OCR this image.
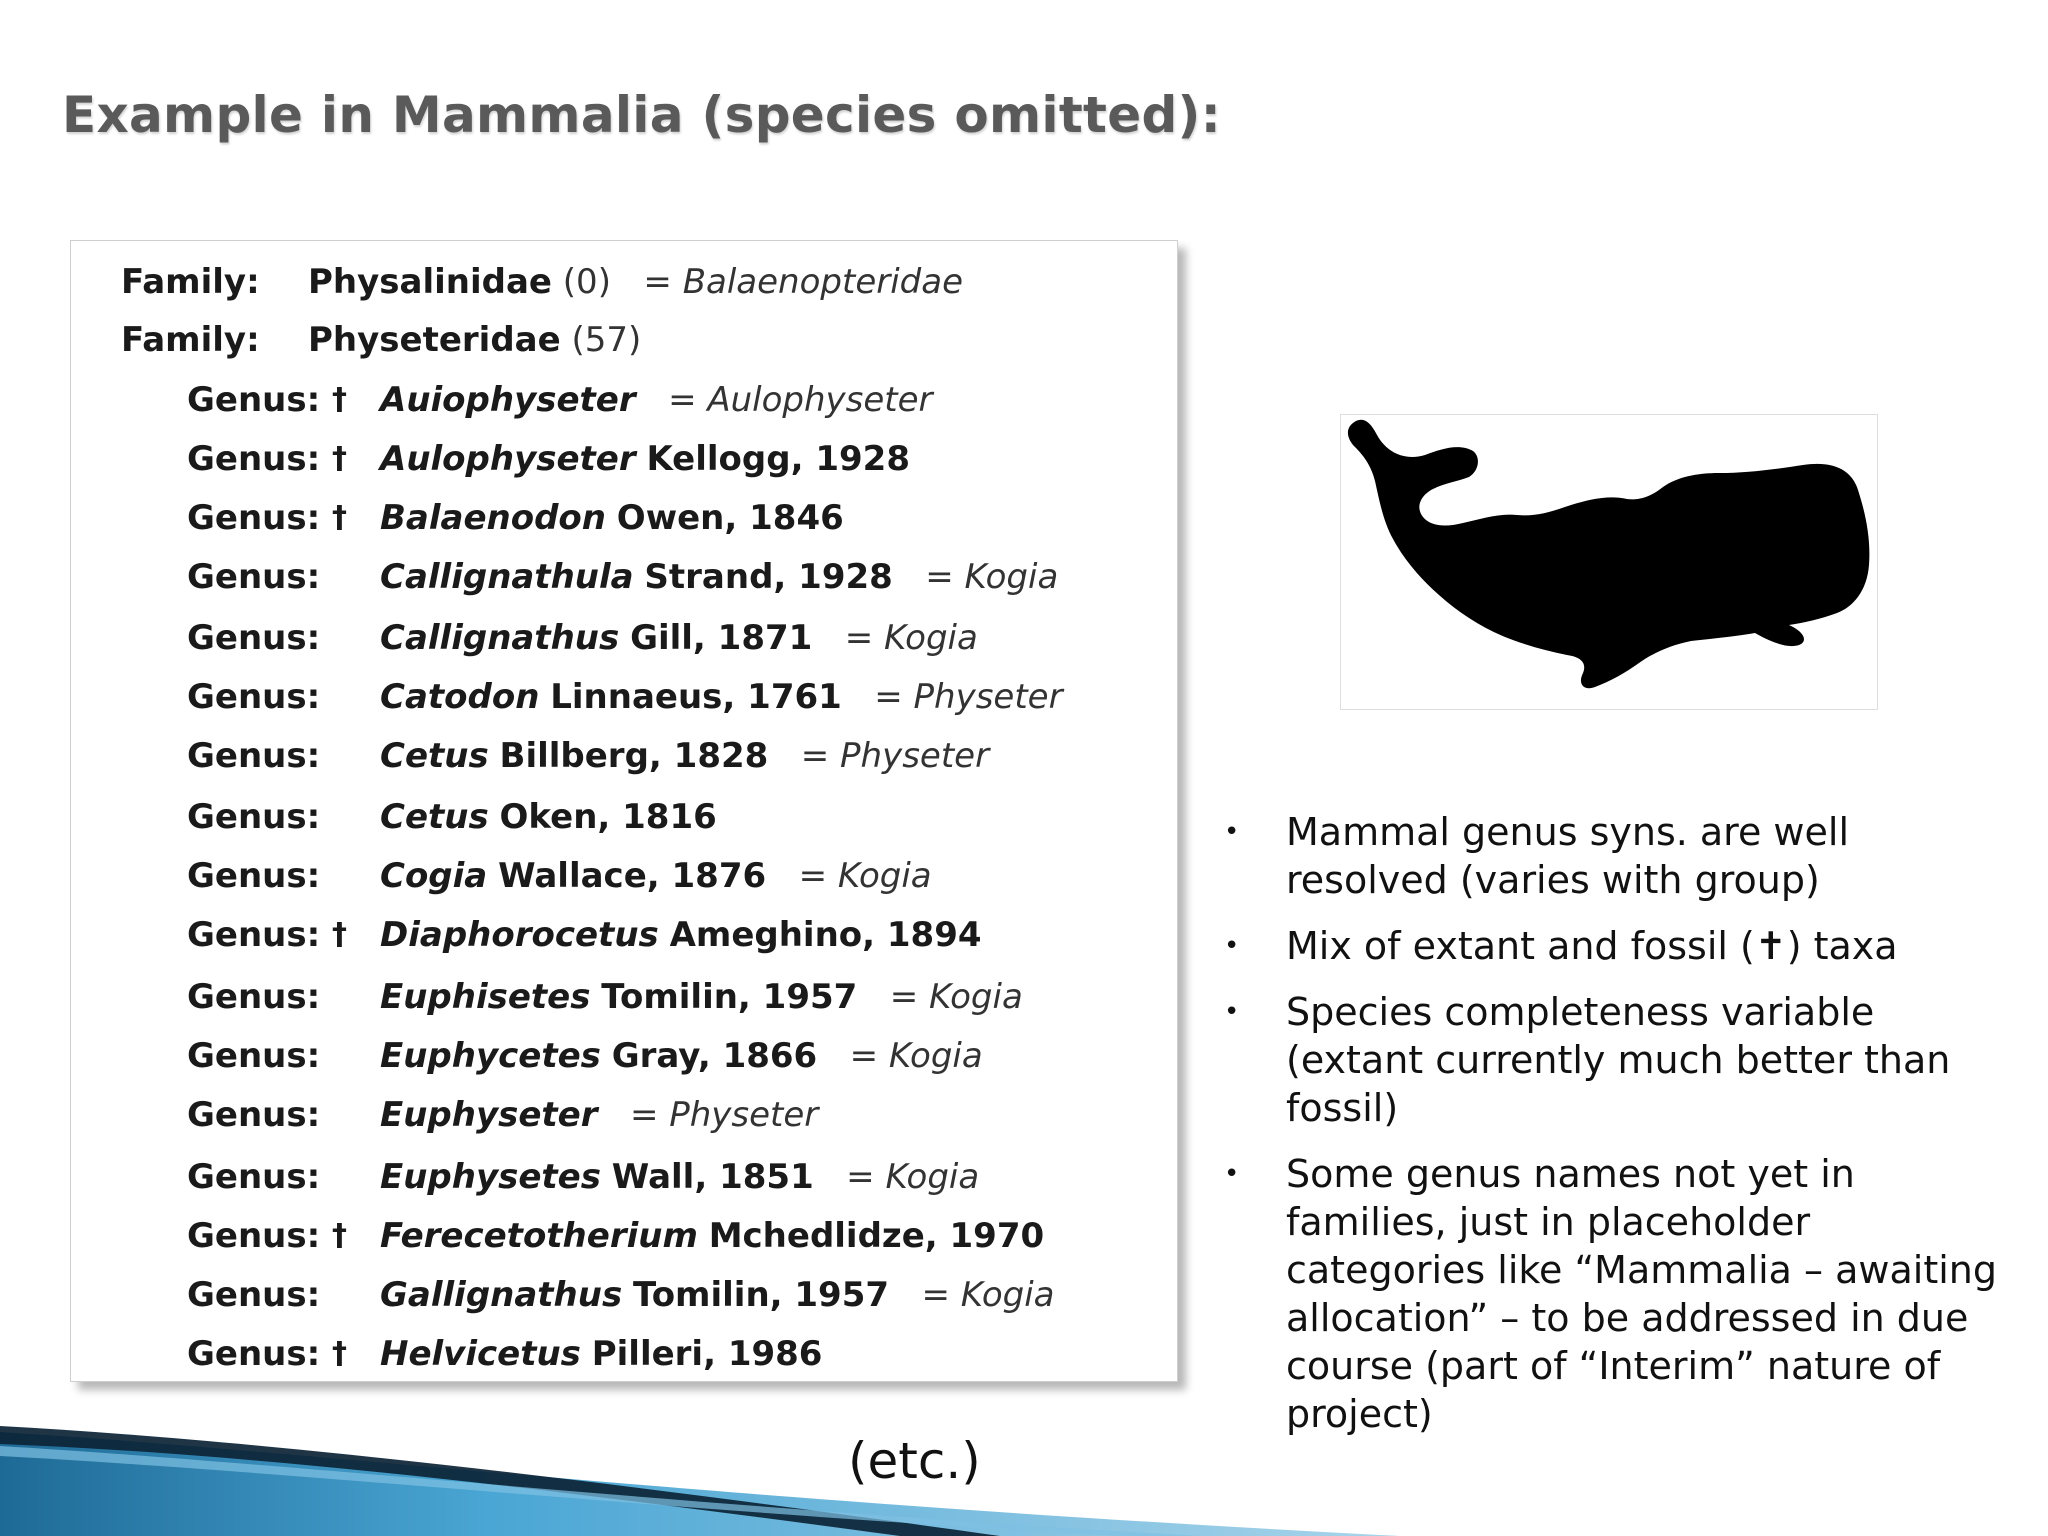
Example in Mammalia (species omitted):
Family: Physalinidae (0) = Balaenopteridae
Family: Physeteridae (57)
Genus: † Auiophyseter = Aulophyseter
Genus: † Aulophyseter Kellogg, 1928
Genus: † Balaenodon Owen, 1846
Genus: Callignathula Strand, 1928 = Kogia
Genus: Callignathus Gill, 1871 = Kogia
Genus: Catodon Linnaeus, 1761 = Physeter
Genus: Cetus Billberg, 1828 = Physeter
Genus: Cetus Oken, 1816
Genus: Cogia Wallace, 1876 = Kogia
Genus: † Diaphorocetus Ameghino, 1894
Genus: Euphisetes Tomilin, 1957 = Kogia
Genus: Euphycetes Gray, 1866 = Kogia
Genus: Euphyseter = Physeter
Genus: Euphysetes Wall, 1851 = Kogia
Genus: † Ferecetotherium Mchedlidze, 1970
Genus: Gallignathus Tomilin, 1957 = Kogia
Genus: † Helvicetus Pilleri, 1986
• Mammal genus syns. are well resolved (varies with group)
• Mix of extant and fossil (✝) taxa
• Species completeness variable (extant currently much better than fossil)
• Some genus names not yet in families, just in placeholder categories like “Mammalia – awaiting allocation” – to be addressed in due course (part of “Interim” nature of project)
(etc.)
